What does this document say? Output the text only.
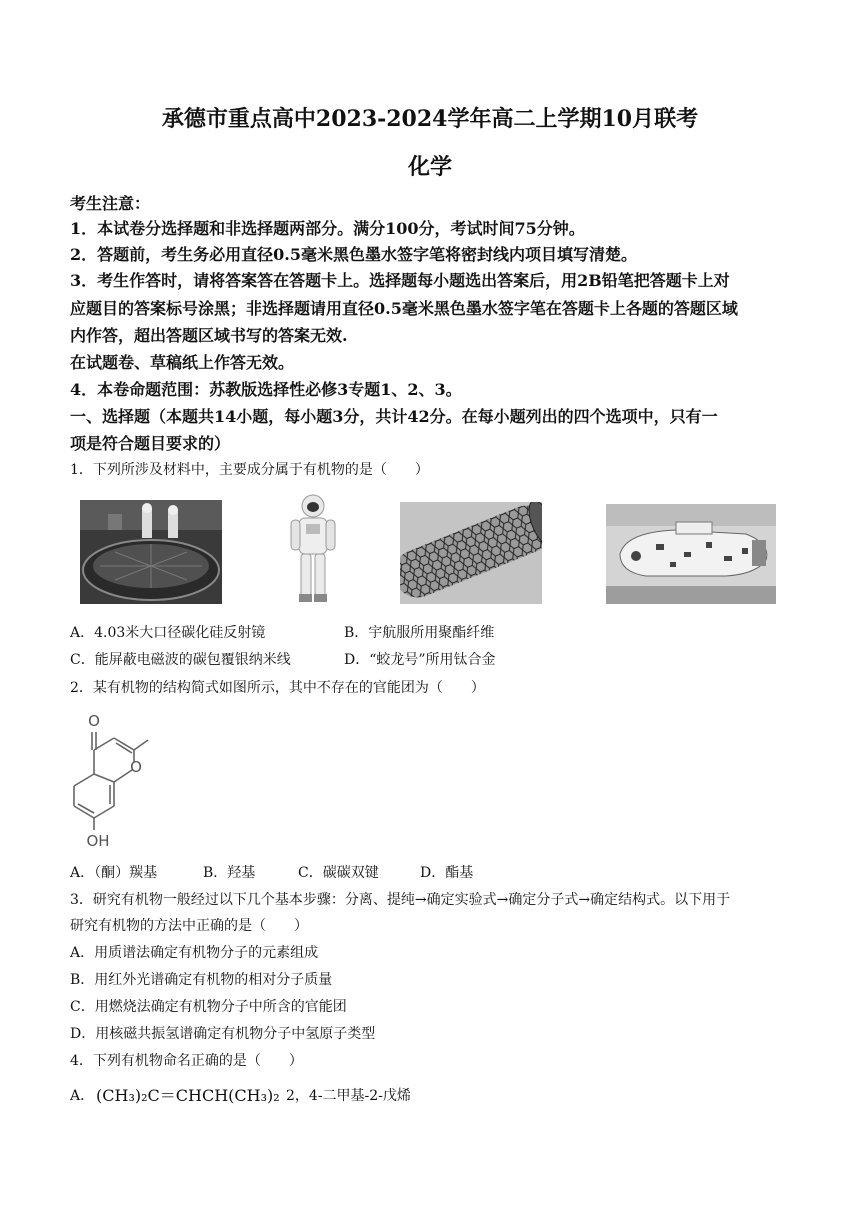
承德市重点高中2023-2024学年高二上学期10月联考
化学
考生注意：
1．本试卷分选择题和非选择题两部分。满分100分，考试时间75分钟。
2．答题前，考生务必用直径0.5毫米黑色墨水签字笔将密封线内项目填写清楚。
3．考生作答时，请将答案答在答题卡上。选择题每小题选出答案后，用2B铅笔把答题卡上对
应题目的答案标号涂黑；非选择题请用直径0.5毫米黑色墨水签字笔在答题卡上各题的答题区域
内作答，超出答题区域书写的答案无效.
在试题卷、草稿纸上作答无效。
4．本卷命题范围：苏教版选择性必修3专题1、2、3。
一、选择题（本题共14小题，每小题3分，共计42分。在每小题列出的四个选项中，只有一
项是符合题目要求的）
1．下列所涉及材料中，主要成分属于有机物的是（　　）
A．4.03米大口径碳化硅反射镜	B．宇航服所用聚酯纤维
C．能屏蔽电磁波的碳包覆银纳米线	D．“蛟龙号”所用钛合金
2．某有机物的结构简式如图所示，其中不存在的官能团为（　　）
O
O
OH
A．（酮）羰基	B．羟基	C．碳碳双键	D．酯基
3．研究有机物一般经过以下几个基本步骤：分离、提纯→确定实验式→确定分子式→确定结构式。以下用于
研究有机物的方法中正确的是（　　）
A．用质谱法确定有机物分子的元素组成
B．用红外光谱确定有机物的相对分子质量
C．用燃烧法确定有机物分子中所含的官能团
D．用核磁共振氢谱确定有机物分子中氢原子类型
4．下列有机物命名正确的是（　　）
A． (CH₃)₂C＝CHCH(CH₃)₂ 2，4-二甲基-2-戊烯
